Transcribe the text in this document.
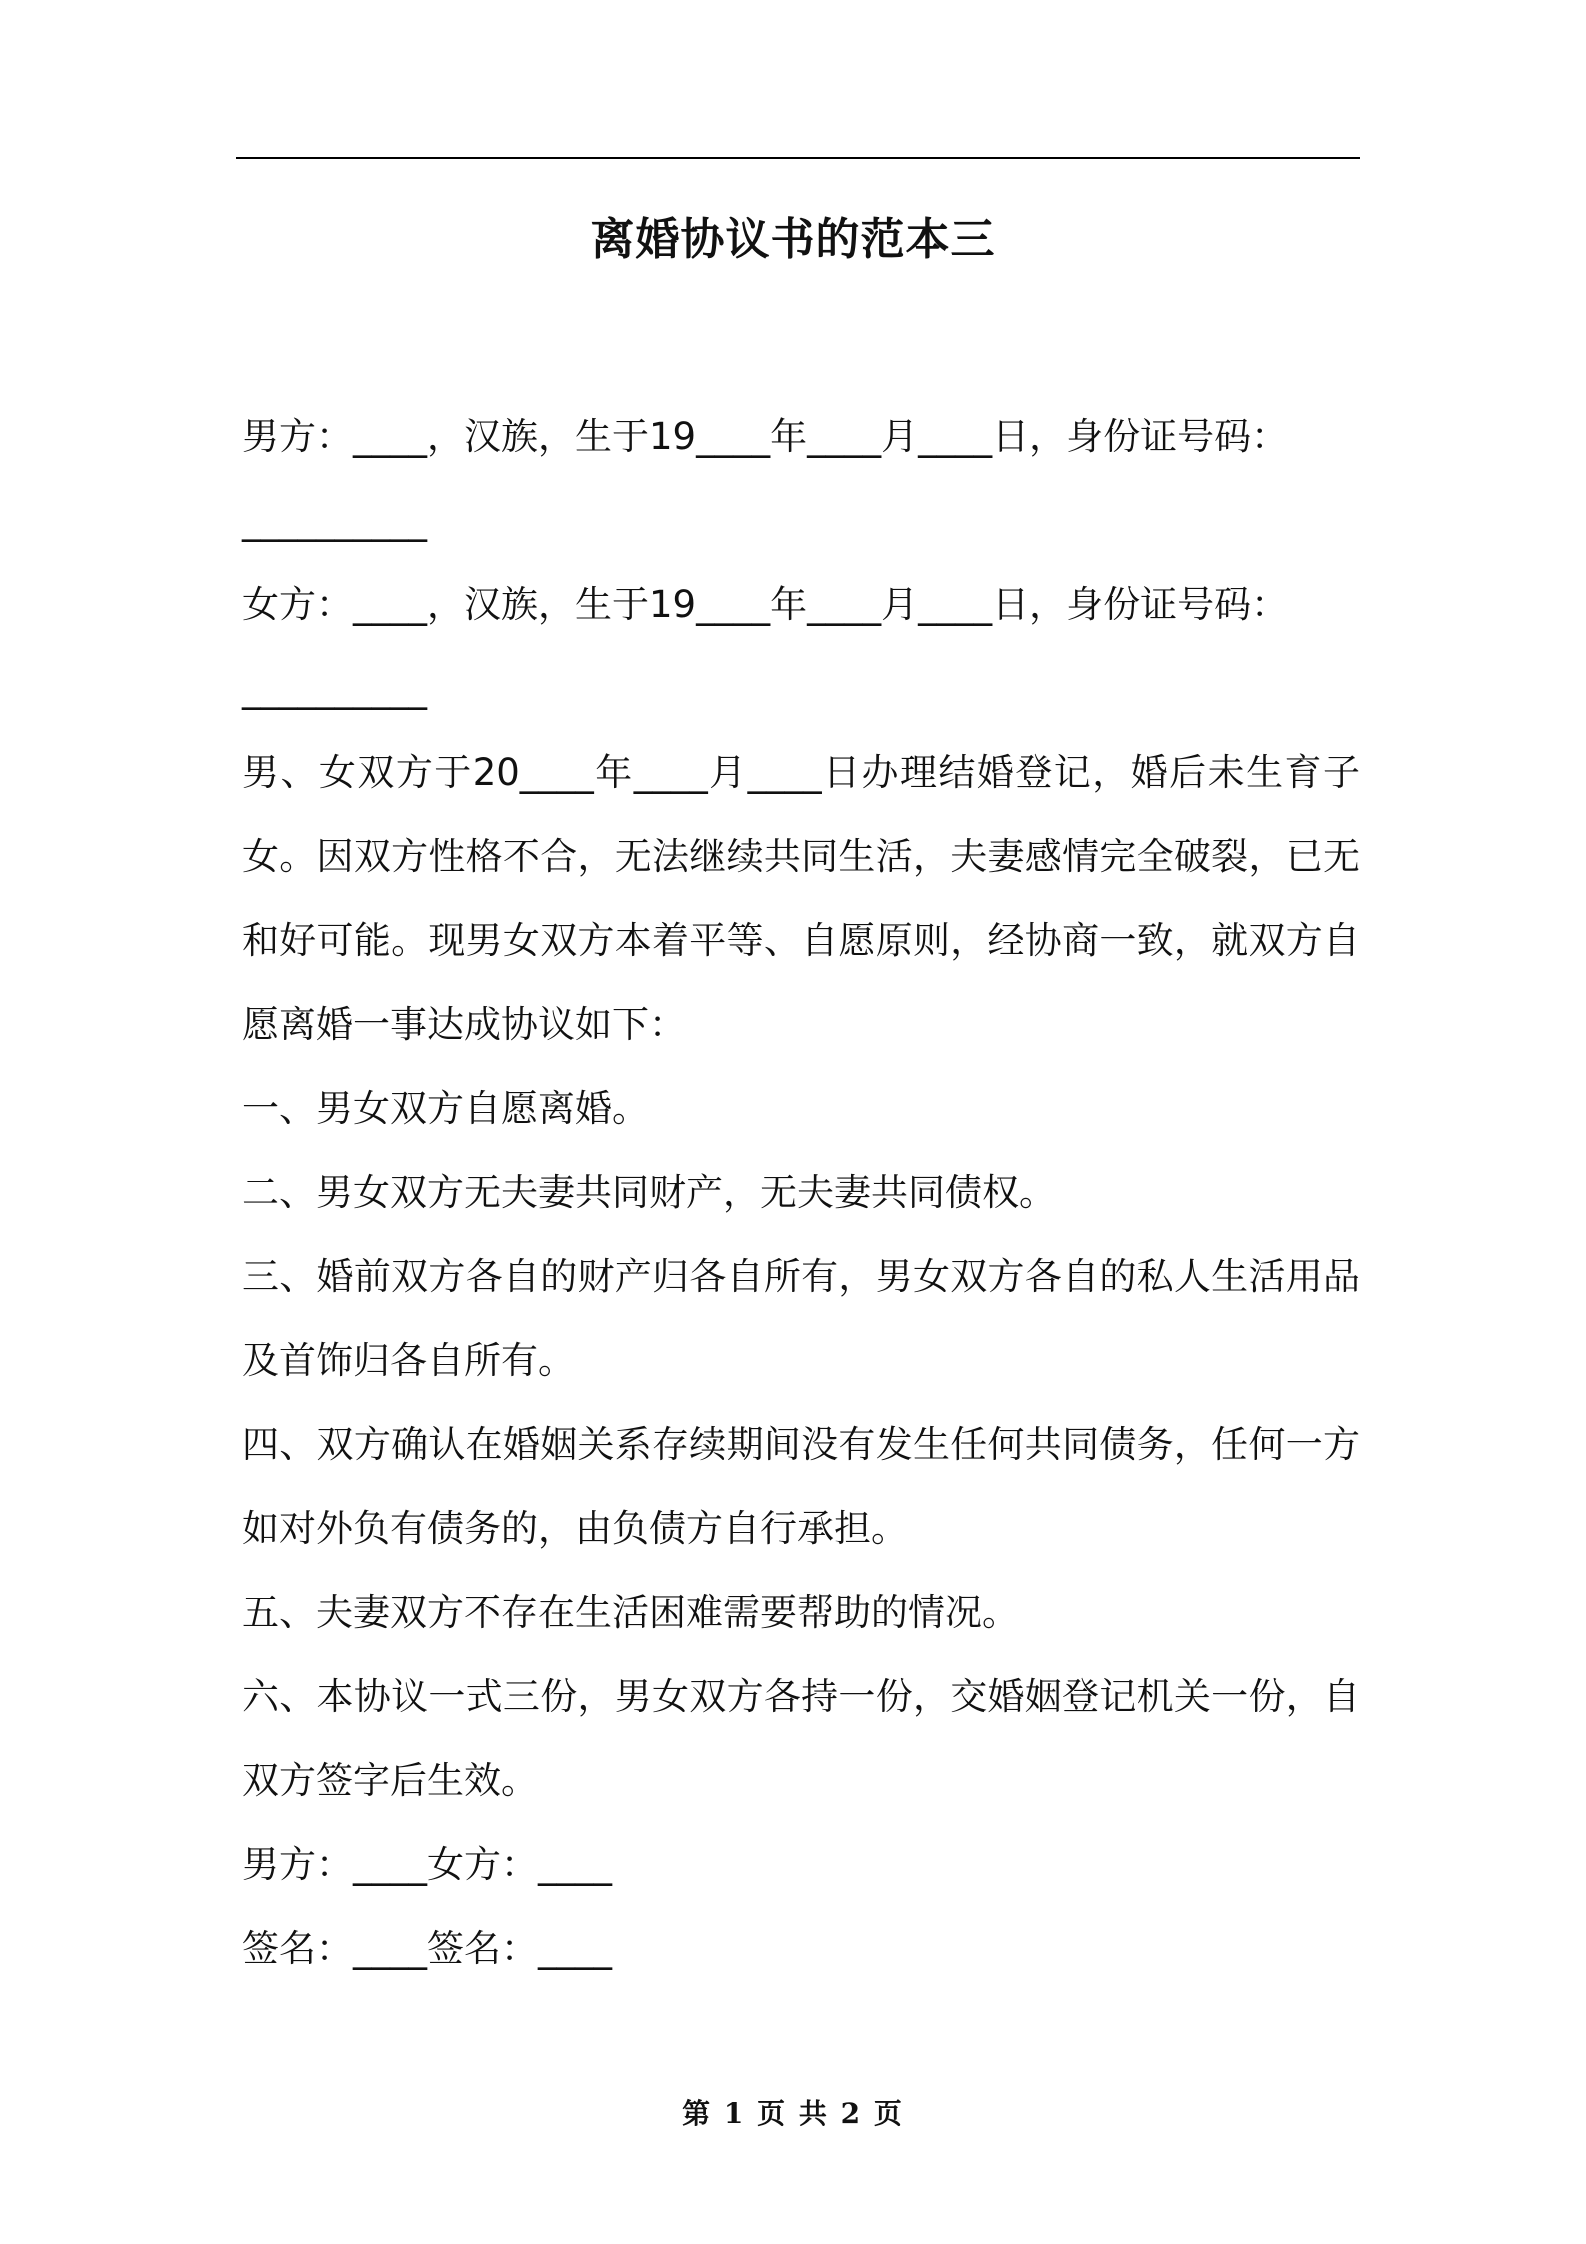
离婚协议书的范本三

男方：____，汉族，生于19____年____月____日，身份证号码：

__________

女方：____，汉族，生于19____年____月____日，身份证号码：

__________

男、女双方于20____年____月____日办理结婚登记，婚后未生育子女。因双方性格不合，无法继续共同生活，夫妻感情完全破裂，已无和好可能。现男女双方本着平等、自愿原则，经协商一致，就双方自愿离婚一事达成协议如下：

一、男女双方自愿离婚。

二、男女双方无夫妻共同财产，无夫妻共同债权。

三、婚前双方各自的财产归各自所有，男女双方各自的私人生活用品及首饰归各自所有。

四、双方确认在婚姻关系存续期间没有发生任何共同债务，任何一方如对外负有债务的，由负债方自行承担。

五、夫妻双方不存在生活困难需要帮助的情况。

六、本协议一式三份，男女双方各持一份，交婚姻登记机关一份，自双方签字后生效。

男方：____女方：____

签名：____签名：____

第 1 页 共 2 页
